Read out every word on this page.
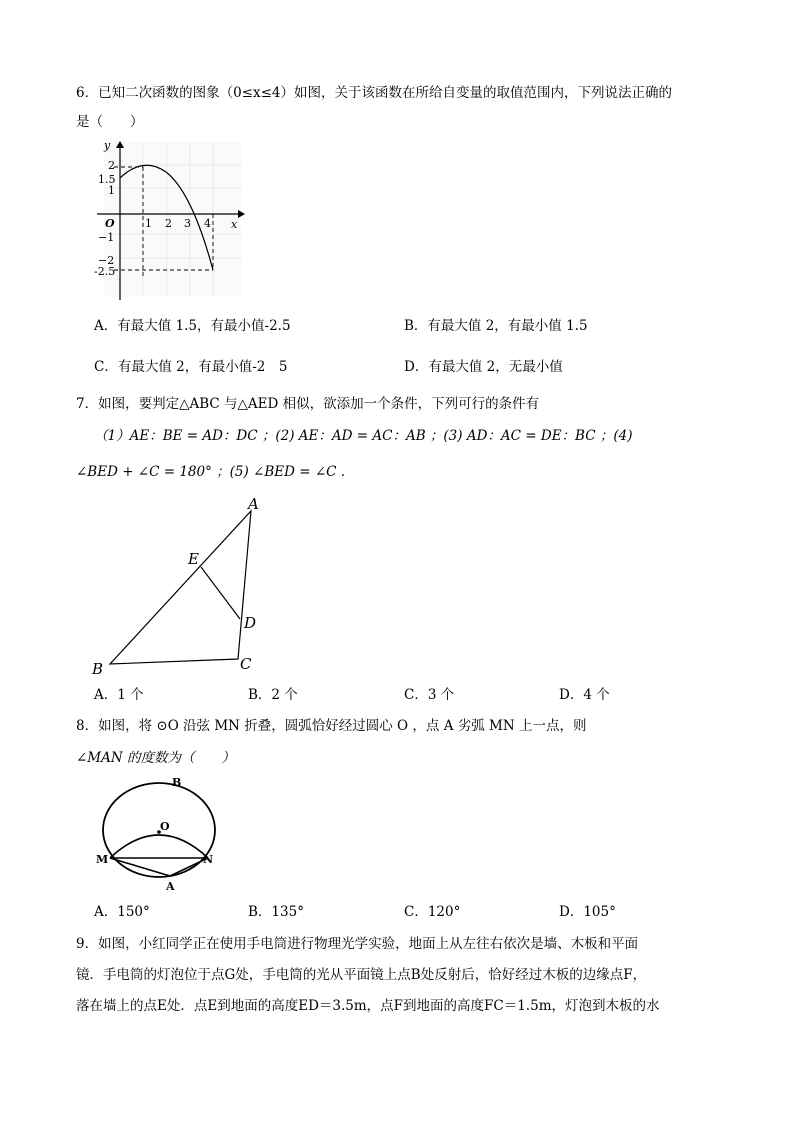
6．已知二次函数的图象（0≤x≤4）如图，关于该函数在所给自变量的取值范围内，下列说法正确的
是（　　）
y
x
O
2
1.5
1
−1
−2
-2.5
1 2 3 4
A．有最大值 1.5，有最小值-2.5	B．有最大值 2，有最小值 1.5
C．有最大值 2，有最小值-2　5	D．有最大值 2，无最小值
7．如图，要判定△ABC 与△AED 相似，欲添加一个条件，下列可行的条件有
（1）AE：BE = AD：DC ；(2) AE：AD = AC：AB ；(3) AD：AC = DE：BC ；(4)
∠BED + ∠C = 180° ；(5) ∠BED = ∠C .
A
B	C
D
E
A．1 个	B．2 个	C．3 个	D．4 个
8．如图，将 ⊙O 沿弦 MN 折叠，圆弧恰好经过圆心 O ，点 A 劣弧 MN 上一点，则
∠MAN 的度数为（　　）
B
O
M	N
A
A．150°	B．135°	C．120°	D．105°
9．如图，小红同学正在使用手电筒进行物理光学实验，地面上从左往右依次是墙、木板和平面
镜．手电筒的灯泡位于点G处，手电筒的光从平面镜上点B处反射后，恰好经过木板的边缘点F，
落在墙上的点E处．点E到地面的高度ED＝3.5m，点F到地面的高度FC＝1.5m，灯泡到木板的水
